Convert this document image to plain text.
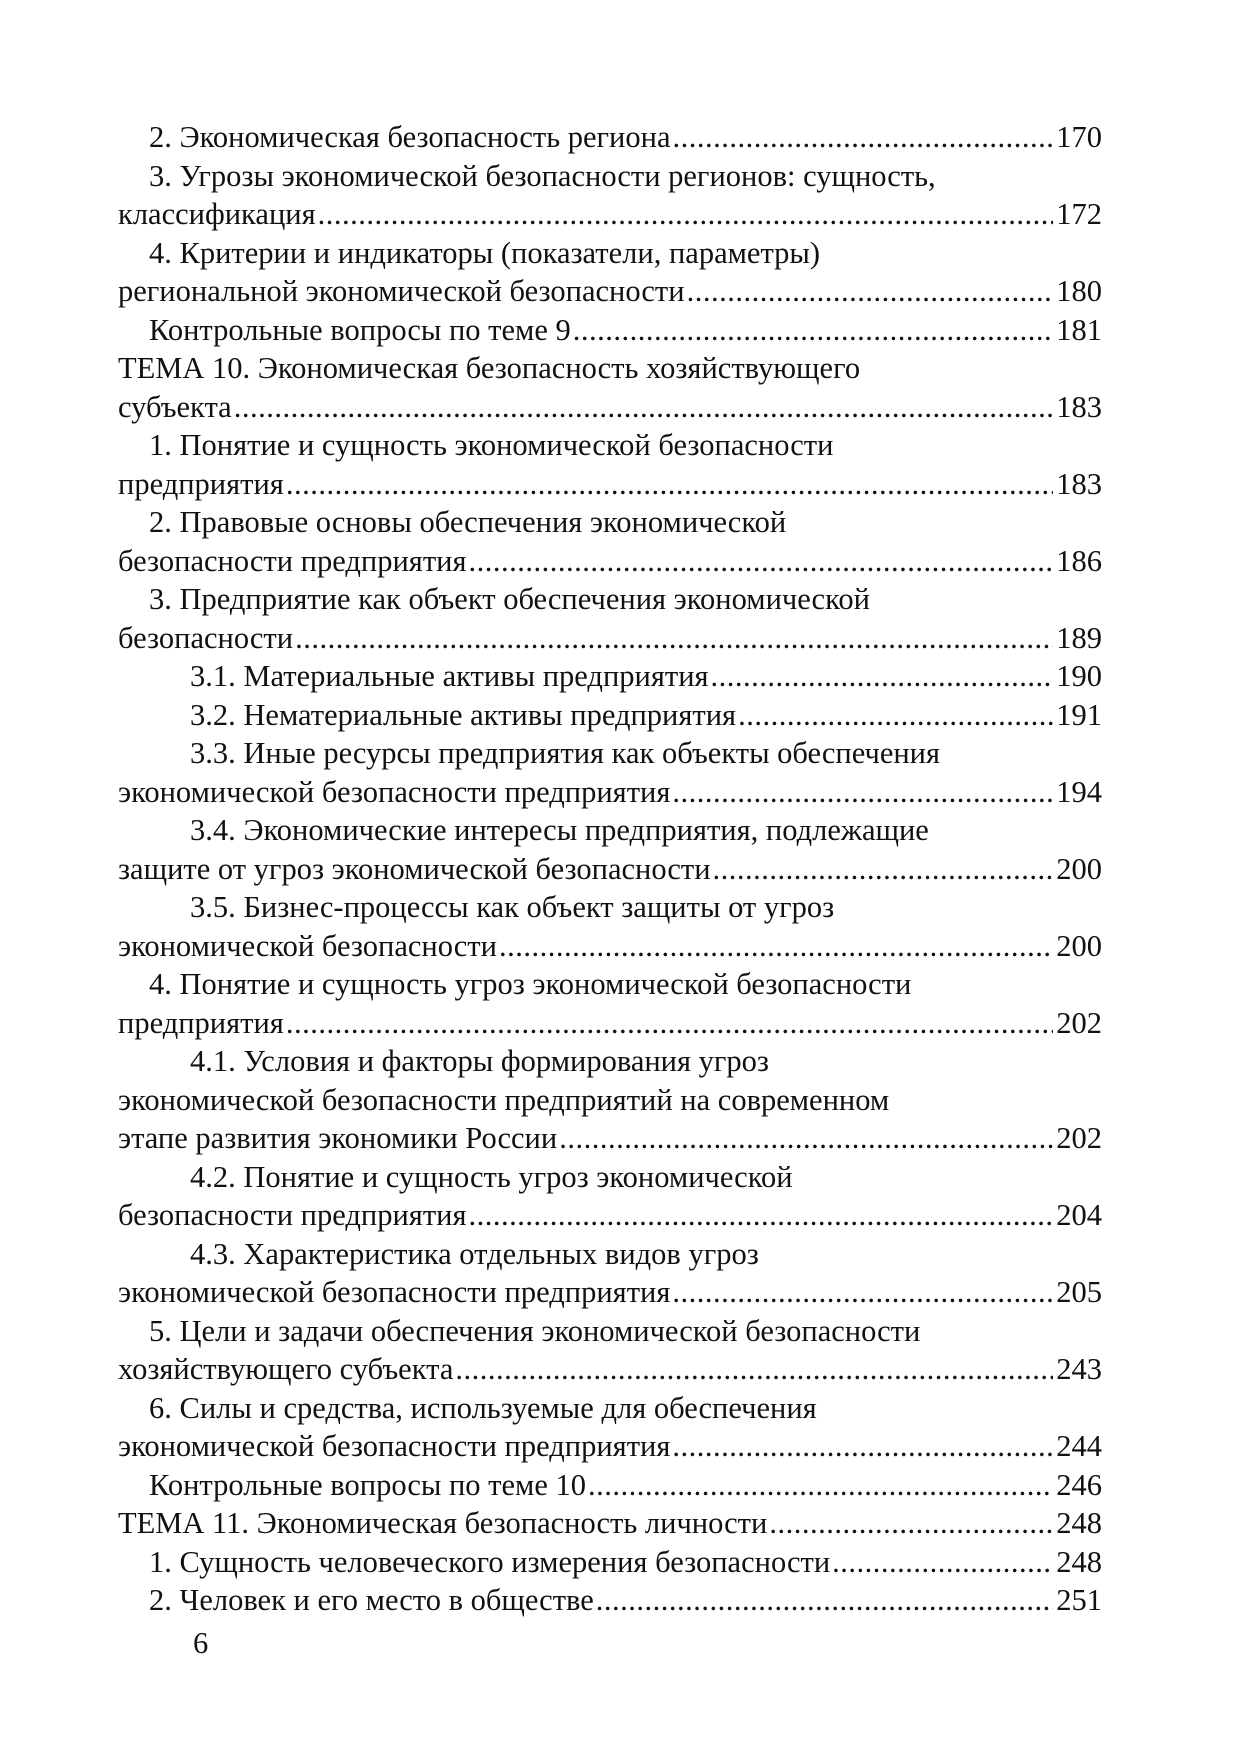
2. Экономическая безопасность региона .....	170
3. Угрозы экономической безопасности регионов: сущность,
классификация .....	172
4. Критерии и индикаторы (показатели, параметры)
региональной экономической безопасности .....	180
Контрольные вопросы по теме 9 .....	181
ТЕМА 10. Экономическая безопасность хозяйствующего
субъекта .....	183
1. Понятие и сущность экономической безопасности
предприятия .....	183
2. Правовые основы обеспечения экономической
безопасности предприятия .....	186
3. Предприятие как объект обеспечения экономической
безопасности .....	189
3.1. Материальные активы предприятия .....	190
3.2. Нематериальные активы предприятия .....	191
3.3. Иные ресурсы предприятия как объекты обеспечения
экономической безопасности предприятия .....	194
3.4. Экономические интересы предприятия, подлежащие
защите от угроз экономической безопасности .....	200
3.5. Бизнес-процессы как объект защиты от угроз
экономической безопасности .....	200
4. Понятие и сущность угроз экономической безопасности
предприятия .....	202
4.1. Условия и факторы формирования угроз
экономической безопасности предприятий на современном
этапе развития экономики России .....	202
4.2. Понятие и сущность угроз экономической
безопасности предприятия .....	204
4.3. Характеристика отдельных видов угроз
экономической безопасности предприятия .....	205
5. Цели и задачи обеспечения экономической безопасности
хозяйствующего субъекта .....	243
6. Силы и средства, используемые для обеспечения
экономической безопасности предприятия .....	244
Контрольные вопросы по теме 10 .....	246
ТЕМА 11. Экономическая безопасность личности .....	248
1. Сущность человеческого измерения безопасности .....	248
2. Человек и его место в обществе .....	251
6
